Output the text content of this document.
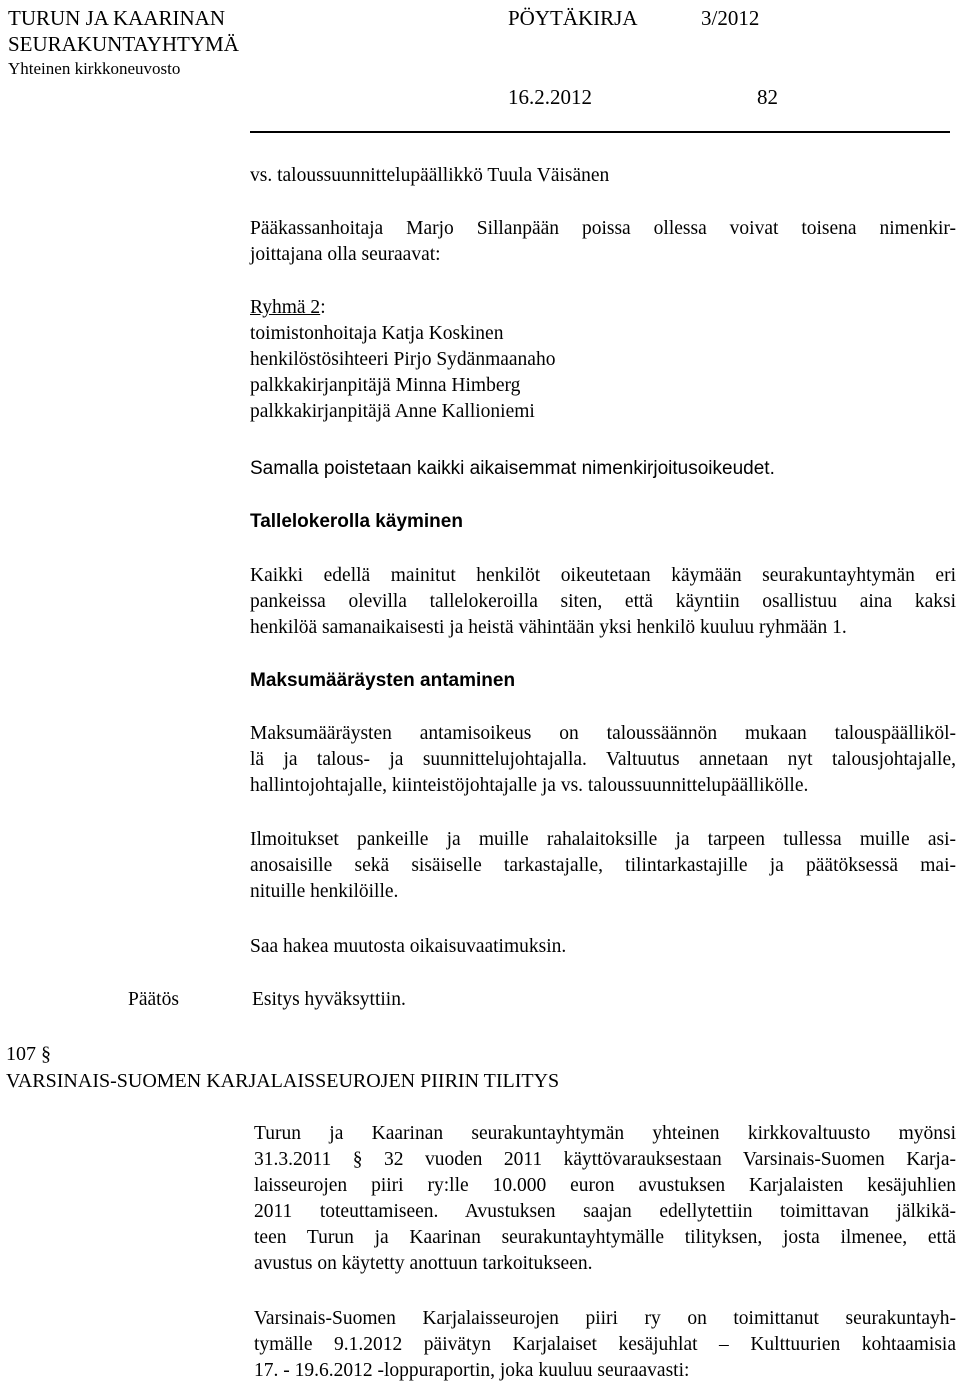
TURUN JA KAARINAN
SEURAKUNTAYHTYMÄ
Yhteinen kirkkoneuvosto
PÖYTÄKIRJA	3/2012
16.2.2012	82
vs. taloussuunnittelupäällikkö Tuula Väisänen
Pääkassanhoitaja Marjo Sillanpään poissa ollessa voivat toisena nimenkir-
joittajana olla seuraavat:
Ryhmä 2:
toimistonhoitaja Katja Koskinen
henkilöstösihteeri Pirjo Sydänmaanaho
palkkakirjanpitäjä Minna Himberg
palkkakirjanpitäjä Anne Kallioniemi
Samalla poistetaan kaikki aikaisemmat nimenkirjoitusoikeudet.
Tallelokerolla käyminen
Kaikki edellä mainitut henkilöt oikeutetaan käymään seurakuntayhtymän eri
pankeissa olevilla tallelokeroilla siten, että käyntiin osallistuu aina kaksi
henkilöä samanaikaisesti ja heistä vähintään yksi henkilö kuuluu ryhmään 1.
Maksumääräysten antaminen
Maksumääräysten antamisoikeus on taloussäännön mukaan talouspäälliköl-
lä ja talous- ja suunnittelujohtajalla. Valtuutus annetaan nyt talousjohtajalle,
hallintojohtajalle, kiinteistöjohtajalle ja vs. taloussuunnittelupäällikölle.
Ilmoitukset pankeille ja muille rahalaitoksille ja tarpeen tullessa muille asi-
anosaisille sekä sisäiselle tarkastajalle, tilintarkastajille ja päätöksessä mai-
nituille henkilöille.
Saa hakea muutosta oikaisuvaatimuksin.
Päätös	Esitys hyväksyttiin.
107 §
VARSINAIS-SUOMEN KARJALAISSEUROJEN PIIRIN TILITYS
Turun ja Kaarinan seurakuntayhtymän yhteinen kirkkovaltuusto myönsi
31.3.2011 § 32 vuoden 2011 käyttövarauksestaan Varsinais-Suomen Karja-
laisseurojen piiri ry:lle 10.000 euron avustuksen Karjalaisten kesäjuhlien
2011 toteuttamiseen. Avustuksen saajan edellytettiin toimittavan jälkikä-
teen Turun ja Kaarinan seurakuntayhtymälle tilityksen, josta ilmenee, että
avustus on käytetty anottuun tarkoitukseen.
Varsinais-Suomen Karjalaisseurojen piiri ry on toimittanut seurakuntayh-
tymälle 9.1.2012 päivätyn Karjalaiset kesäjuhlat – Kulttuurien kohtaamisia
17. - 19.6.2012 -loppuraportin, joka kuuluu seuraavasti:
